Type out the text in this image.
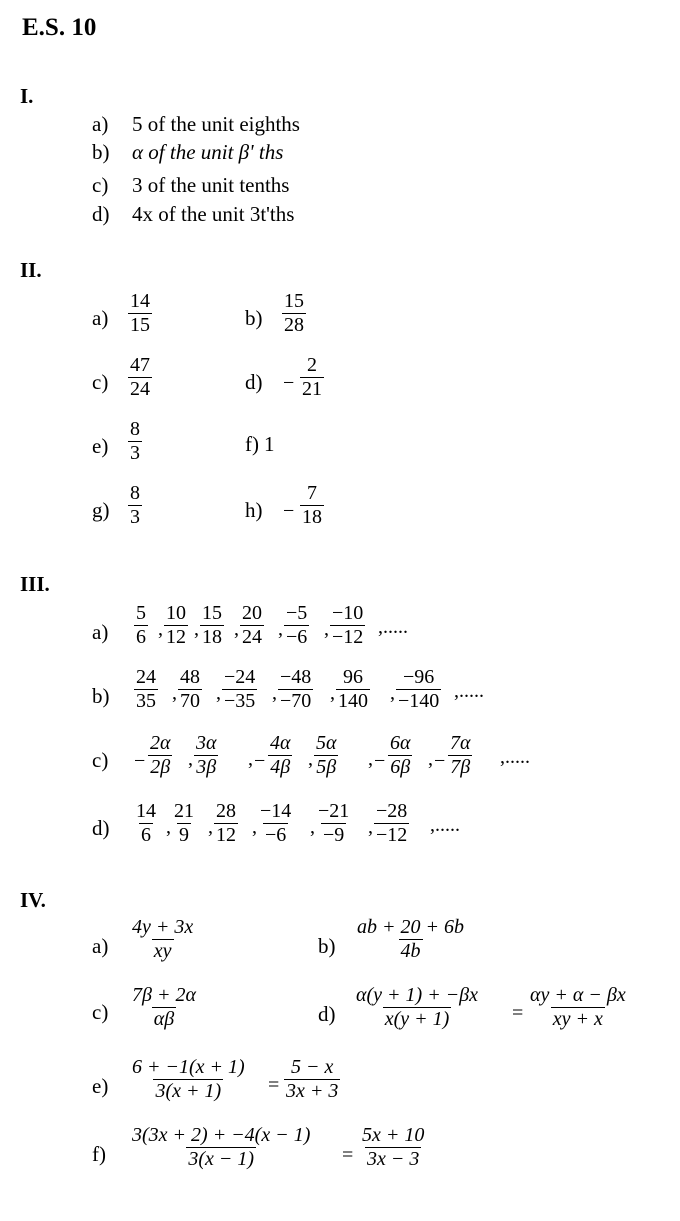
E.S. 10
I.
a) 5 of the unit eighths
b) α of the unit β' ths
c) 3 of the unit tenths
d) 4x of the unit 3t'ths
II.
$a) \frac{14}{15}$	$b) \frac{15}{28}$
$c) \frac{47}{24}$	$d) - \frac{2}{21}$
$e) \frac{8}{3}$	f) 1
$g) \frac{8}{3}$	$h) - \frac{7}{18}$
III.
$a) \frac{5}{6}$ , $\frac{10}{12}$ , $\frac{15}{18}$ , $\frac{20}{24}$ , $\frac{-5}{-6}$ , $\frac{-10}{-12}$ ,.....
$b) \frac{24}{35}$ , $\frac{48}{70}$ , $\frac{-24}{-35}$ , $\frac{-48}{-70}$ , $\frac{96}{140}$ , $\frac{-96}{-140}$ ,.....
$c) - \frac{2\alpha}{2\beta}$ , $\frac{3\alpha}{3\beta}$ , − $\frac{4\alpha}{4\beta}$ , $\frac{5\alpha}{5\beta}$ , − $\frac{6\alpha}{6\beta}$ , − $\frac{7\alpha}{7\beta}$ ,.....
$d) \frac{14}{6}$ , $\frac{21}{9}$ , $\frac{28}{12}$ , $\frac{-14}{-6}$ , $\frac{-21}{-9}$ , $\frac{-28}{-12}$ ,.....
IV.
$a) \frac{4y + 3x}{xy}$	$b) \frac{ab + 20 + 6b}{4b}$
$c) \frac{7\beta + 2\alpha}{\alpha\beta}$	$d) \frac{\alpha(y + 1) + -\beta x}{x(y + 1)} = \frac{\alpha y + \alpha - \beta x}{xy + x}$
$e) \frac{6 + -1(x + 1)}{3(x + 1)} = \frac{5 - x}{3x + 3}$
$f) \frac{3(3x + 2) + -4(x - 1)}{3(x - 1)} = \frac{5x + 10}{3x - 3}$
